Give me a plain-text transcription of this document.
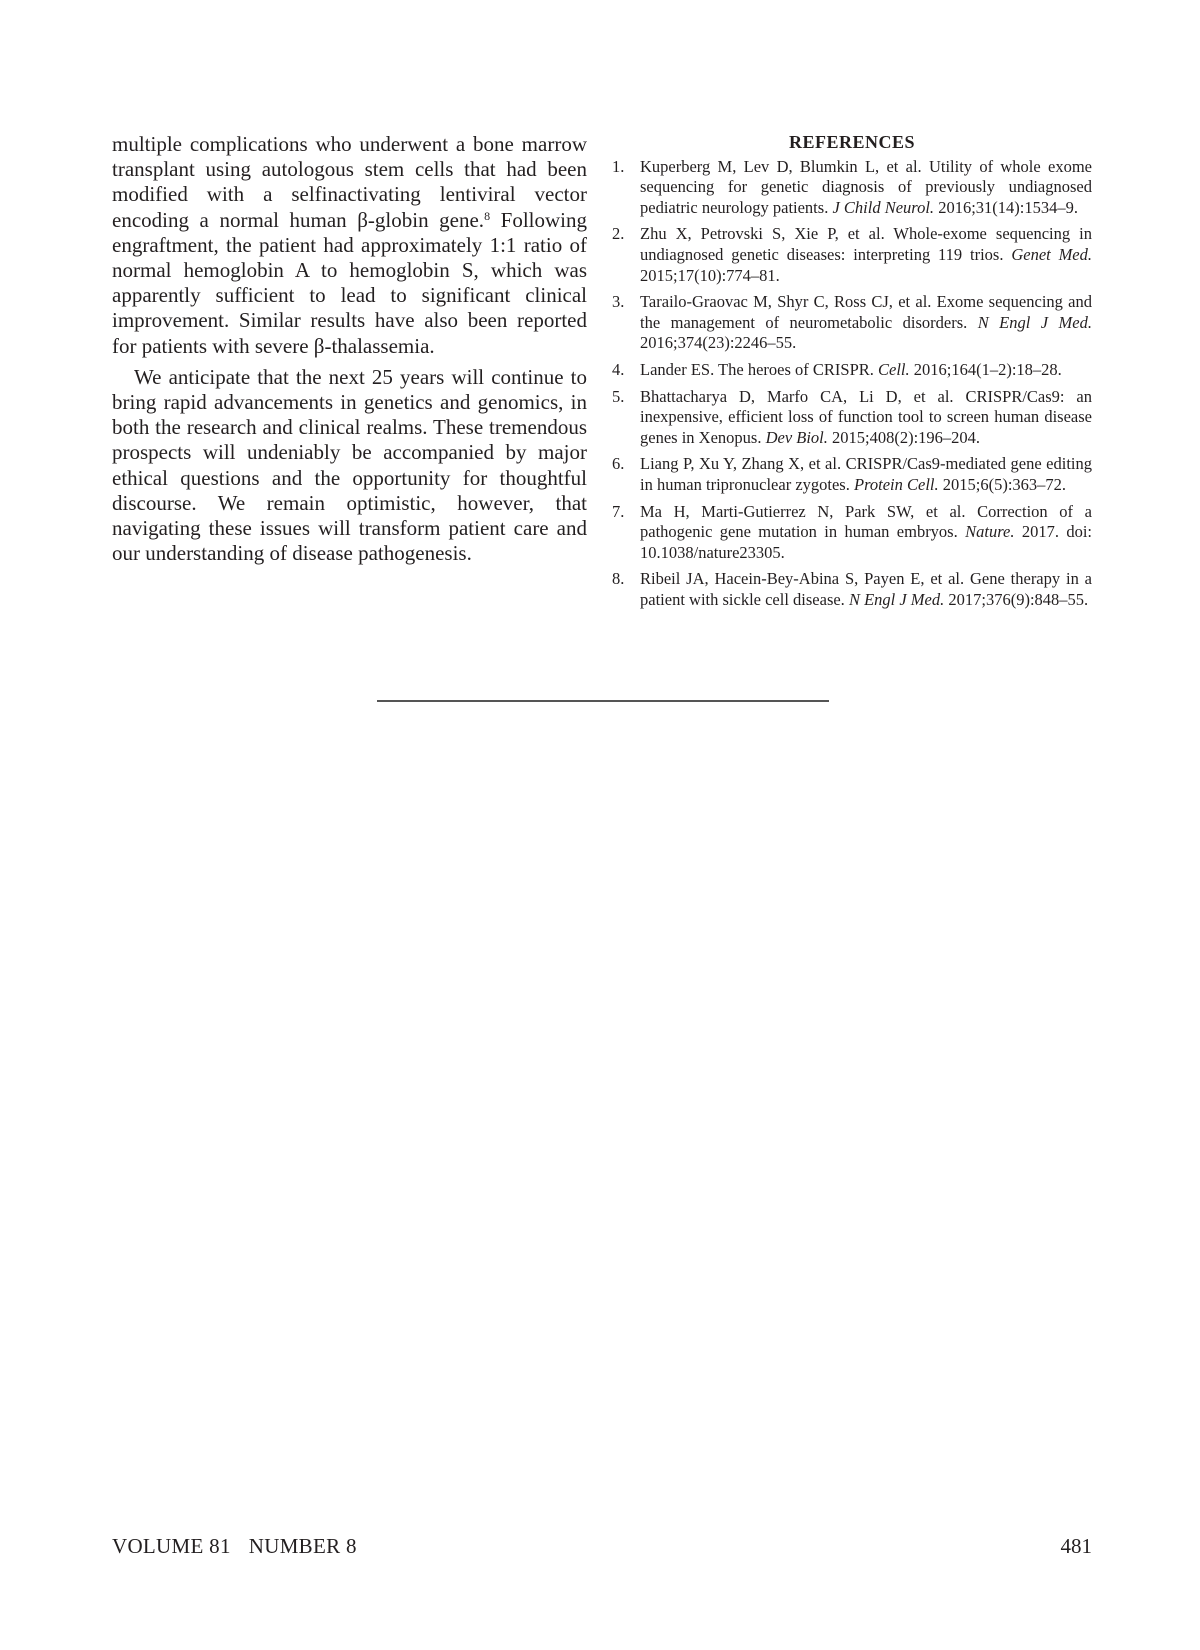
multiple complications who underwent a bone marrow transplant using autologous stem cells that had been modified with a selfinactivating lentiviral vector encoding a normal human β-globin gene.$^8$ Following engraftment, the patient had approximately 1:1 ratio of normal hemoglobin A to hemoglobin S, which was apparently sufficient to lead to significant clinical improvement. Similar results have also been reported for patients with severe β-thalassemia.

We anticipate that the next 25 years will continue to bring rapid advancements in genetics and genomics, in both the research and clinical realms. These tremendous prospects will undeniably be accompanied by major ethical questions and the opportunity for thoughtful discourse. We remain optimistic, however, that navigating these issues will transform patient care and our understanding of disease pathogenesis.

REFERENCES
1. Kuperberg M, Lev D, Blumkin L, et al. Utility of whole exome sequencing for genetic diagnosis of previously undiagnosed pediatric neurology patients. J Child Neurol. 2016;31(14):1534–9.
2. Zhu X, Petrovski S, Xie P, et al. Whole-exome sequencing in undiagnosed genetic diseases: interpreting 119 trios. Genet Med. 2015;17(10):774–81.
3. Tarailo-Graovac M, Shyr C, Ross CJ, et al. Exome sequencing and the management of neurometabolic disorders. N Engl J Med. 2016;374(23):2246–55.
4. Lander ES. The heroes of CRISPR. Cell. 2016;164(1–2):18–28.
5. Bhattacharya D, Marfo CA, Li D, et al. CRISPR/Cas9: an inexpensive, efficient loss of function tool to screen human disease genes in Xenopus. Dev Biol. 2015;408(2):196–204.
6. Liang P, Xu Y, Zhang X, et al. CRISPR/Cas9-mediated gene editing in human tripronuclear zygotes. Protein Cell. 2015;6(5):363–72.
7. Ma H, Marti-Gutierrez N, Park SW, et al. Correction of a pathogenic gene mutation in human embryos. Nature. 2017. doi: 10.1038/nature23305.
8. Ribeil JA, Hacein-Bey-Abina S, Payen E, et al. Gene therapy in a patient with sickle cell disease. N Engl J Med. 2017;376(9):848–55.
VOLUME 81 NUMBER 8	481
